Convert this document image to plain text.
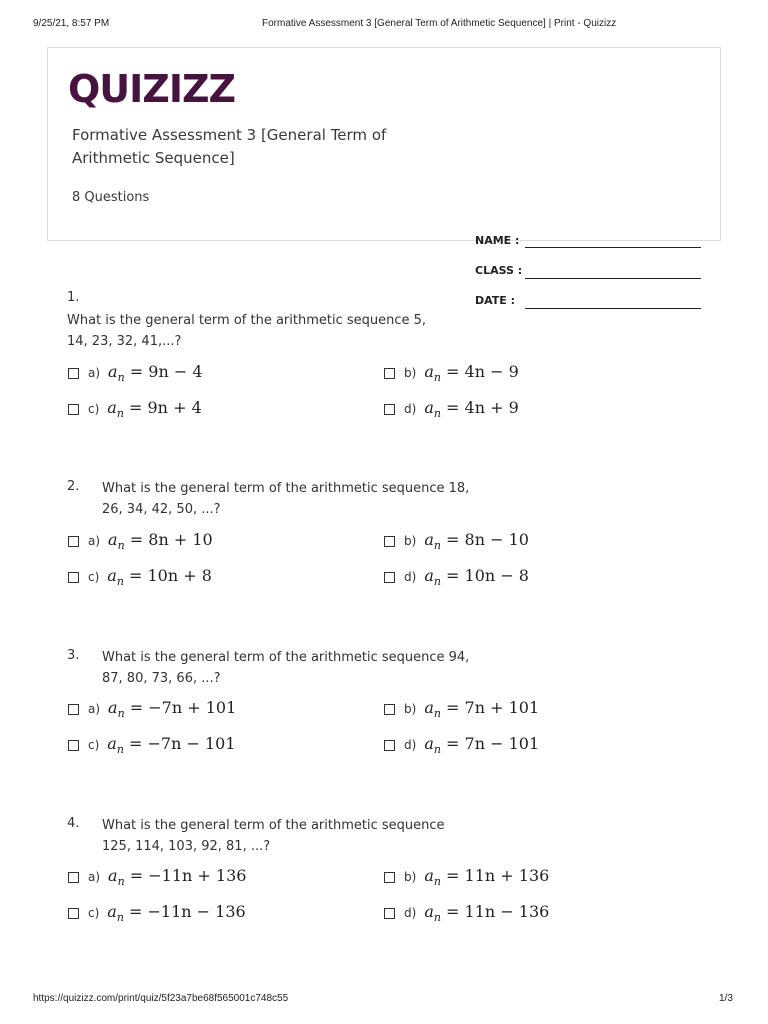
9/25/21, 8:57 PM	Formative Assessment 3 [General Term of Arithmetic Sequence] | Print - Quizizz
QUIZIZZ
Formative Assessment 3 [General Term of
Arithmetic Sequence]
8 Questions
NAME :
CLASS :
DATE :
1.
What is the general term of the arithmetic sequence 5,
14, 23, 32, 41,...?
a) $a_n = 9n - 4$	b) $a_n = 4n - 9$
c) $a_n = 9n + 4$	d) $a_n = 4n + 9$
2. What is the general term of the arithmetic sequence 18,
26, 34, 42, 50, ...?
a) $a_n = 8n + 10$	b) $a_n = 8n - 10$
c) $a_n = 10n + 8$	d) $a_n = 10n - 8$
3. What is the general term of the arithmetic sequence 94,
87, 80, 73, 66, ...?
a) $a_n = -7n + 101$	b) $a_n = 7n + 101$
c) $a_n = -7n - 101$	d) $a_n = 7n - 101$
4. What is the general term of the arithmetic sequence
125, 114, 103, 92, 81, ...?
a) $a_n = -11n + 136$	b) $a_n = 11n + 136$
c) $a_n = -11n - 136$	d) $a_n = 11n - 136$
https://quizizz.com/print/quiz/5f23a7be68f565001c748c55	1/3
